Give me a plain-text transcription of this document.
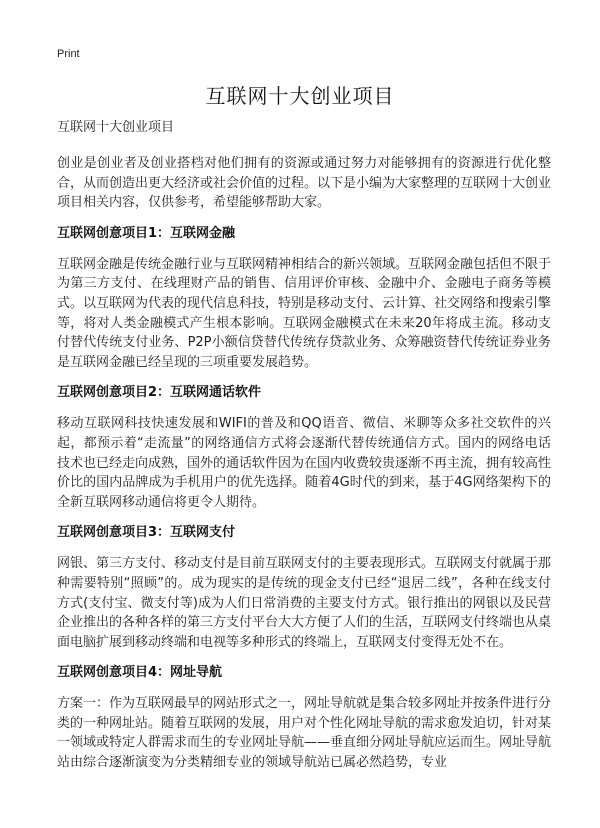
Print
互联网十大创业项目

互联网十大创业项目

创业是创业者及创业搭档对他们拥有的资源或通过努力对能够拥有的资源进行优化整合，从而创造出更大经济或社会价值的过程。以下是小编为大家整理的互联网十大创业项目相关内容，仅供参考，希望能够帮助大家。

互联网创意项目1：互联网金融

互联网金融是传统金融行业与互联网精神相结合的新兴领域。互联网金融包括但不限于为第三方支付、在线理财产品的销售、信用评价审核、金融中介、金融电子商务等模式。以互联网为代表的现代信息科技，特别是移动支付、云计算、社交网络和搜索引擎等，将对人类金融模式产生根本影响。互联网金融模式在未来20年将成主流。移动支付替代传统支付业务、P2P小额信贷替代传统存贷款业务、众筹融资替代传统证券业务是互联网金融已经呈现的三项重要发展趋势。

互联网创意项目2：互联网通话软件

移动互联网科技快速发展和WIFI的普及和QQ语音、微信、米聊等众多社交软件的兴起，都预示着“走流量”的网络通信方式将会逐渐代替传统通信方式。国内的网络电话技术也已经走向成熟，国外的通话软件因为在国内收费较贵逐渐不再主流，拥有较高性价比的国内品牌成为手机用户的优先选择。随着4G时代的到来，基于4G网络架构下的全新互联网移动通信将更令人期待。

互联网创意项目3：互联网支付

网银、第三方支付、移动支付是目前互联网支付的主要表现形式。互联网支付就属于那种需要特别“照顾”的。成为现实的是传统的现金支付已经“退居二线”，各种在线支付方式(支付宝、微支付等)成为人们日常消费的主要支付方式。银行推出的网银以及民营企业推出的各种各样的第三方支付平台大大方便了人们的生活，互联网支付终端也从桌面电脑扩展到移动终端和电视等多种形式的终端上，互联网支付变得无处不在。

互联网创意项目4：网址导航

方案一：作为互联网最早的网站形式之一，网址导航就是集合较多网址并按条件进行分类的一种网址站。随着互联网的发展，用户对个性化网址导航的需求愈发迫切，针对某一领域或特定人群需求而生的专业网址导航——垂直细分网址导航应运而生。网址导航站由综合逐渐演变为分类精细专业的领域导航站已属必然趋势，专业
